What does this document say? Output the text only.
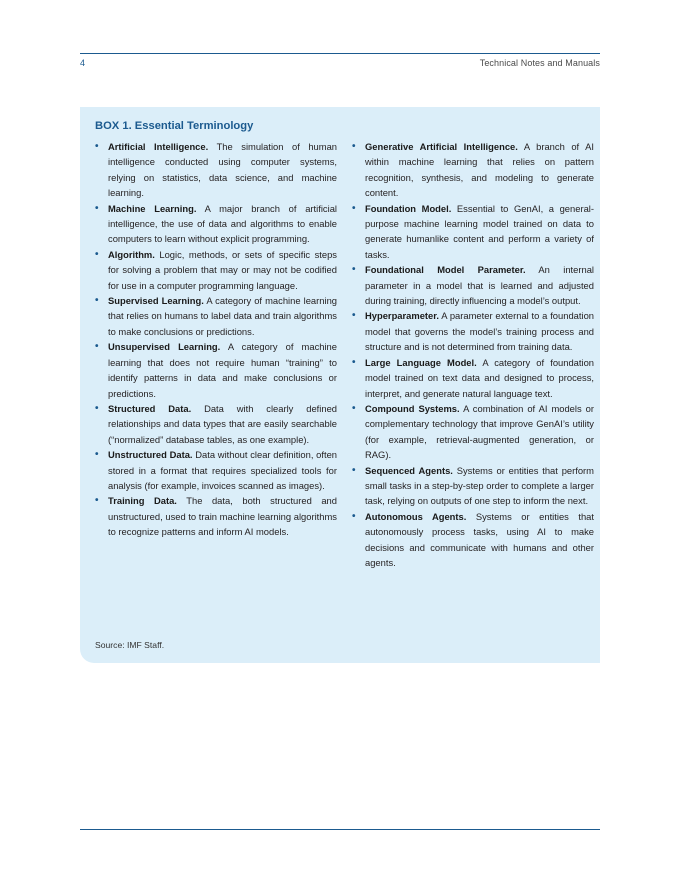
4	Technical Notes and Manuals
BOX 1. Essential Terminology
• Artificial Intelligence. The simulation of human intelligence conducted using computer systems, relying on statistics, data science, and machine learning.
• Machine Learning. A major branch of artificial intelligence, the use of data and algorithms to enable computers to learn without explicit programming.
• Algorithm. Logic, methods, or sets of specific steps for solving a problem that may or may not be codified for use in a computer programming language.
• Supervised Learning. A category of machine learning that relies on humans to label data and train algorithms to make conclusions or predictions.
• Unsupervised Learning. A category of machine learning that does not require human “training” to identify patterns in data and make conclusions or predictions.
• Structured Data. Data with clearly defined relationships and data types that are easily searchable (“normalized” database tables, as one example).
• Unstructured Data. Data without clear definition, often stored in a format that requires specialized tools for analysis (for example, invoices scanned as images).
• Training Data. The data, both structured and unstructured, used to train machine learning algorithms to recognize patterns and inform AI models.
• Generative Artificial Intelligence. A branch of AI within machine learning that relies on pattern recognition, synthesis, and modeling to generate content.
• Foundation Model. Essential to GenAI, a general-purpose machine learning model trained on data to generate humanlike content and perform a variety of tasks.
• Foundational Model Parameter. An internal parameter in a model that is learned and adjusted during training, directly influencing a model’s output.
• Hyperparameter. A parameter external to a foundation model that governs the model’s training process and structure and is not determined from training data.
• Large Language Model. A category of foundation model trained on text data and designed to process, interpret, and generate natural language text.
• Compound Systems. A combination of AI models or complementary technology that improve GenAI’s utility (for example, retrieval-augmented generation, or RAG).
• Sequenced Agents. Systems or entities that perform small tasks in a step-by-step order to complete a larger task, relying on outputs of one step to inform the next.
• Autonomous Agents. Systems or entities that autonomously process tasks, using AI to make decisions and communicate with humans and other agents.
Source: IMF Staff.
